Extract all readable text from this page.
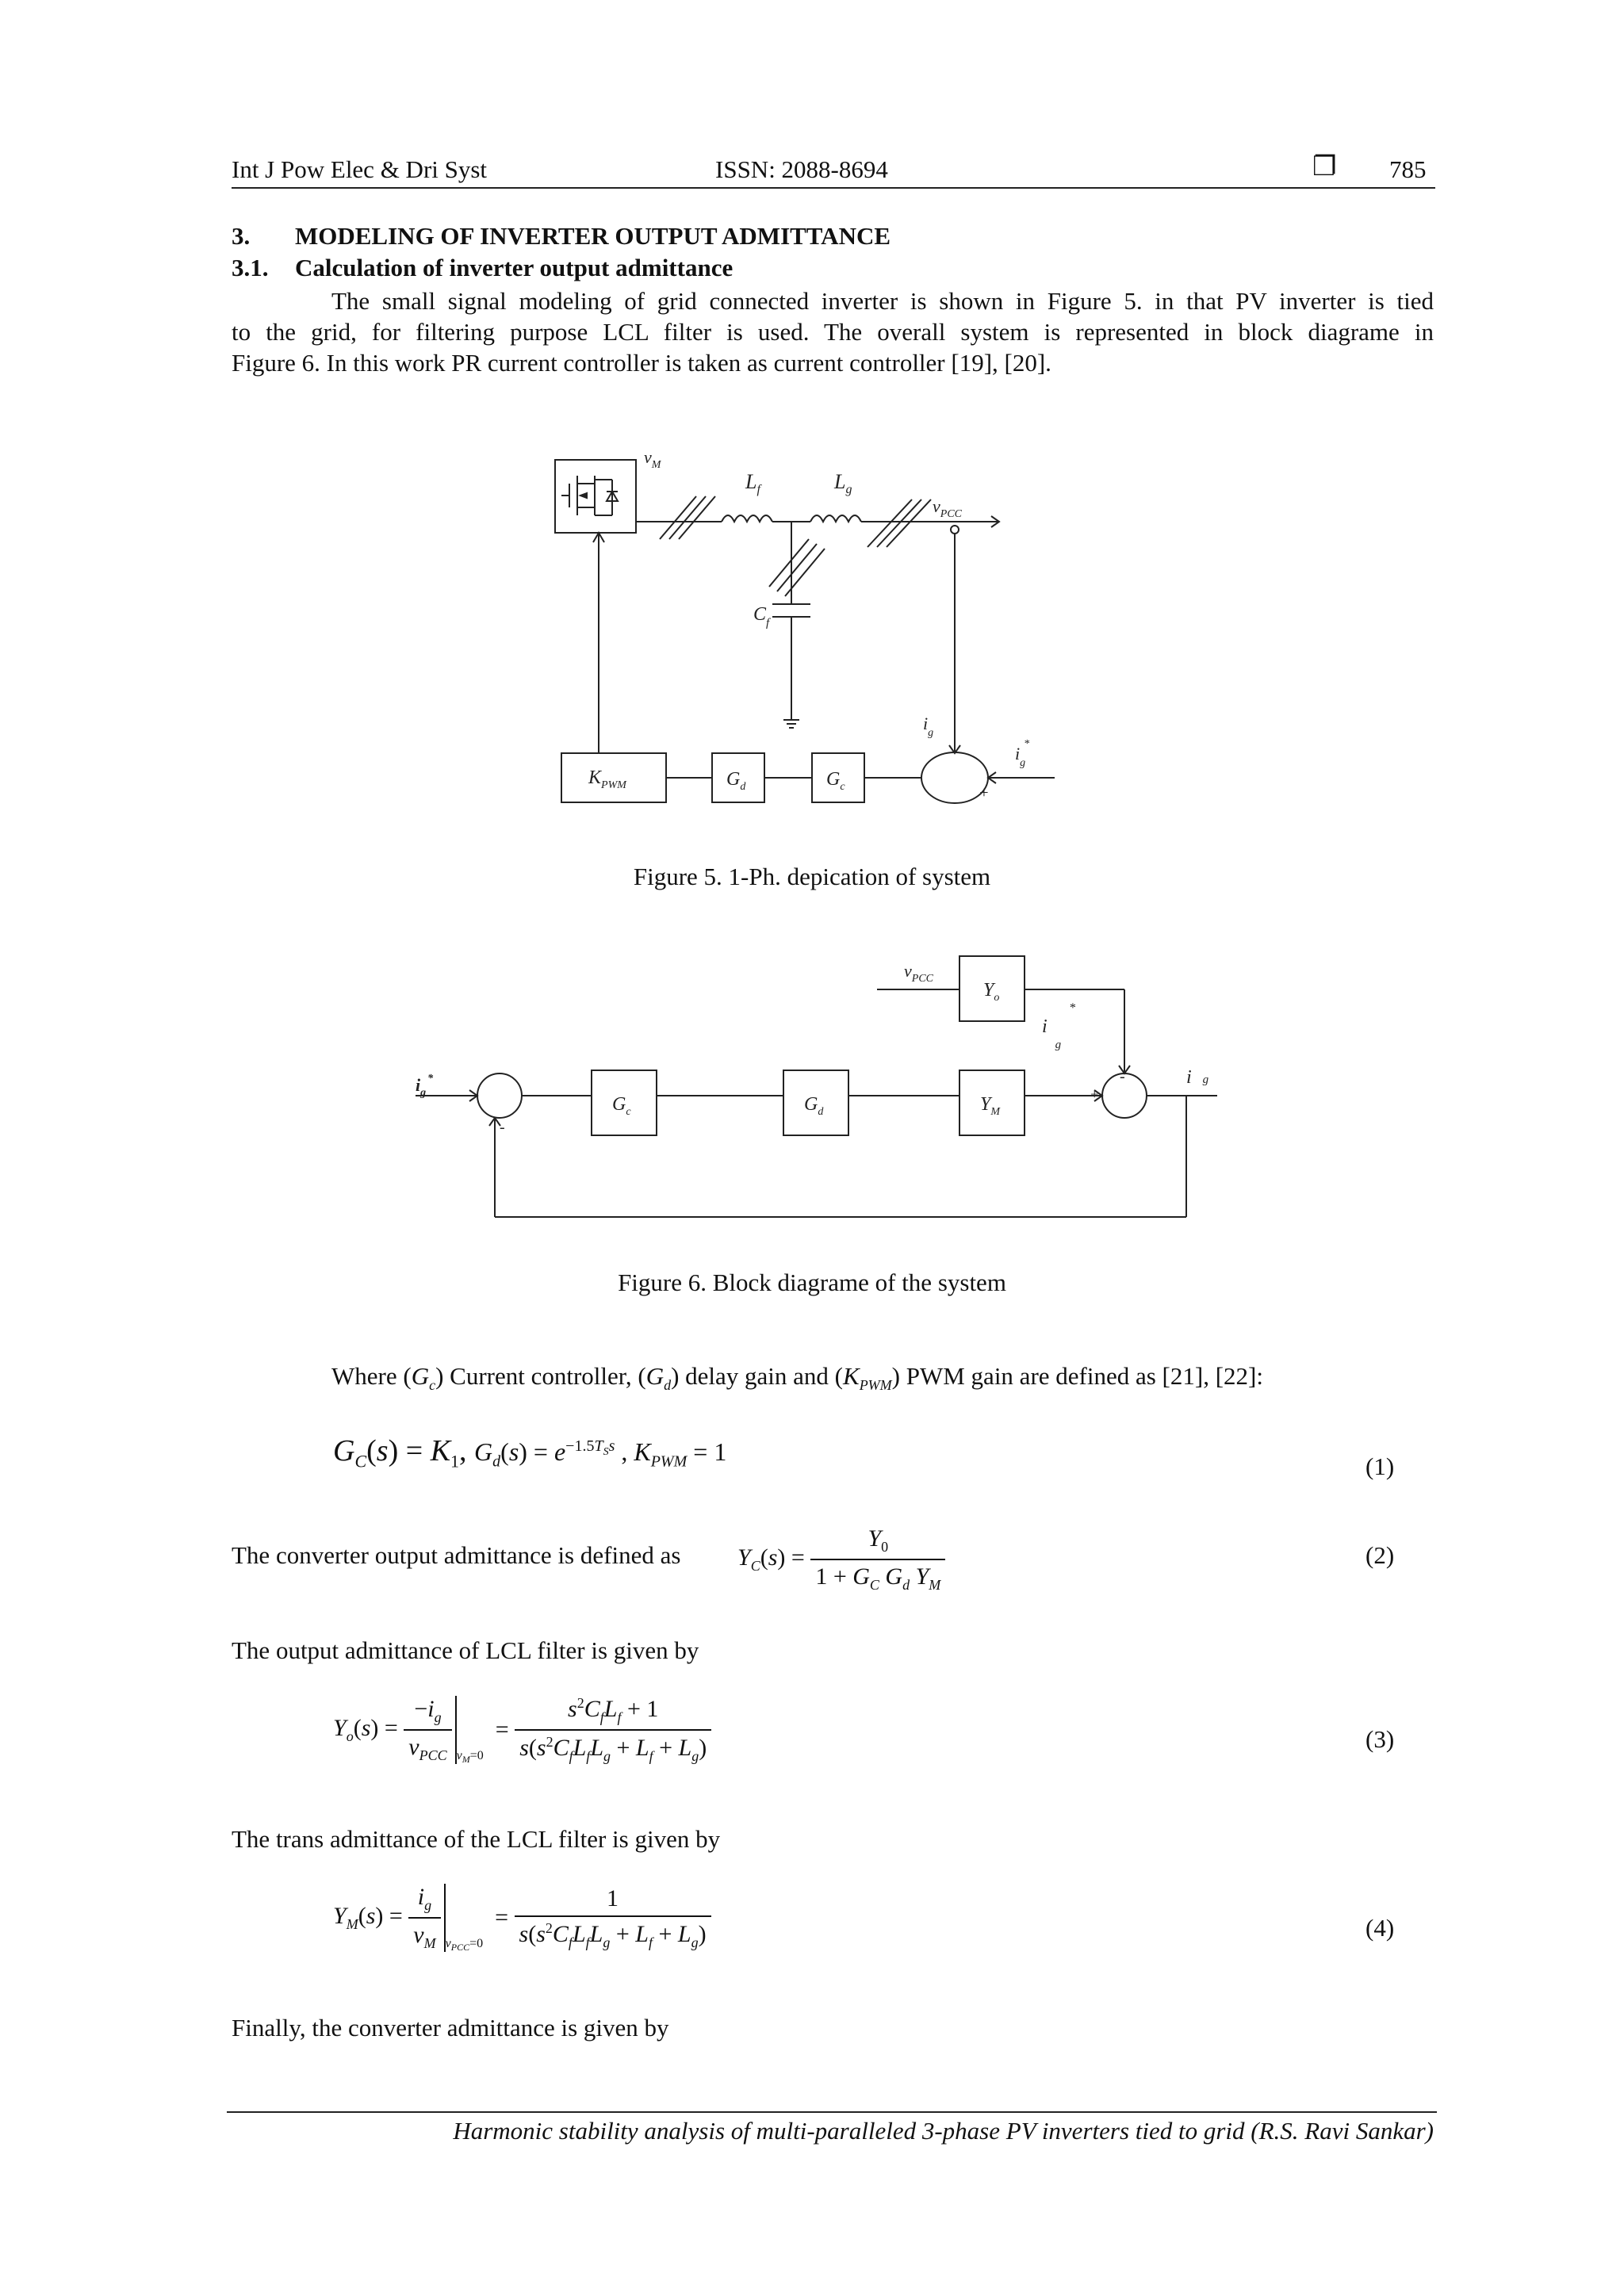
Int J Pow Elec & Dri Syst	ISSN: 2088-8694	❐ 785
3. MODELING OF INVERTER OUTPUT ADMITTANCE
3.1. Calculation of inverter output admittance
The small signal modeling of grid connected inverter is shown in Figure 5. in that PV inverter is tied
to the grid, for filtering purpose LCL filter is used. The overall system is represented in block diagrame in
Figure 6. In this work PR current controller is taken as current controller [19], [20].
$v_M$
$L_f$	$L_g$
$v_{PCC}$
$C_f$
$i_g$
$i_g*$
$K_{PWM}$	$G_d$	$G_c$	+
Figure 5. 1-Ph. depication of system
$v_{PCC}$
$Y_o$
$i_g^*$
$G_c$	$G_d$	$Y_M$
$i_g^*$
ig
-
-
+
Figure 6. Block diagrame of the system
Where $(G_c)$ Current controller, $(G_d)$ delay gain and $(K_{PWM})$ PWM gain are defined as [21], [22]:
$G_C(s) = K_1$, $G_d(s) = e^{-1.5T_Ss}$ , $K_{PWM} = 1$
(1)
The converter output admittance is defined as $Y_C(s) = \frac{Y_0}{1 + G_C G_d Y_M}$	(2)
The output admittance of LCL filter is given by
$Y_o(s) = \frac{-i_g}{v_{PCC}} _{v_M=0} = \frac{s^2C_fL_f + 1}{s(s^2C_fL_fL_g + L_f + L_g)}$	(3)
The trans admittance of the LCL filter is given by
$Y_M(s) = \frac{i_g}{v_M} _{v_{PCC}=0} = \frac{1}{s(s^2C_fL_fL_g + L_f + L_g)}$	(4)
Finally, the converter admittance is given by
Harmonic stability analysis of multi-paralleled 3-phase PV inverters tied to grid (R.S. Ravi Sankar)
